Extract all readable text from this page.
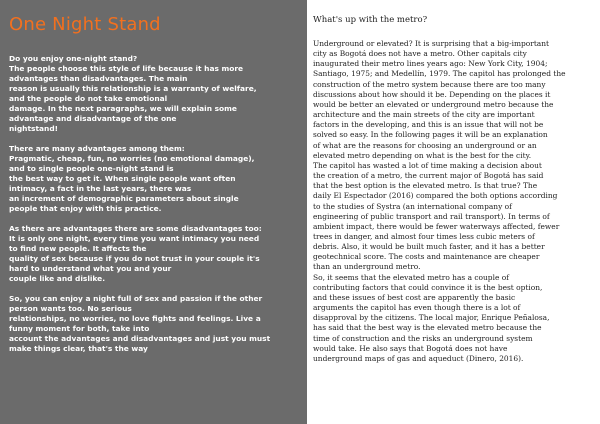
One Night Stand
Do you enjoy one-night stand?
The people choose this style of life because it has more
advantages than disadvantages. The main
reason is usually this relationship is a warranty of welfare,
and the people do not take emotional
damage. In the next paragraphs, we will explain some
advantage and disadvantage of the one
nightstand!
There are many advantages among them:
Pragmatic, cheap, fun, no worries (no emotional damage),
and to single people one-night stand is
the best way to get it. When single people want often
intimacy, a fact in the last years, there was
an increment of demographic parameters about single
people that enjoy with this practice.
As there are advantages there are some disadvantages too:
It is only one night, every time you want intimacy you need
to find new people. It affects the
quality of sex because if you do not trust in your couple it's
hard to understand what you and your
couple like and dislike.
So, you can enjoy a night full of sex and passion if the other
person wants too. No serious
relationships, no worries, no love fights and feelings. Live a
funny moment for both, take into
account the advantages and disadvantages and just you must
make things clear, that's the way
What's up with the metro?
Underground or elevated? It is surprising that a big-important
city as Bogotá does not have a metro. Other capitals city
inaugurated their metro lines years ago: New York City, 1904;
Santiago, 1975; and Medellín, 1979. The capitol has prolonged the
construction of the metro system because there are too many
discussions about how should it be. Depending on the places it
would be better an elevated or underground metro because the
architecture and the main streets of the city are important
factors in the developing, and this is an issue that will not be
solved so easy. In the following pages it will be an explanation
of what are the reasons for choosing an underground or an
elevated metro depending on what is the best for the city.
The capitol has wasted a lot of time making a decision about
the creation of a metro, the current major of Bogotá has said
that the best option is the elevated metro. Is that true? The
daily El Espectador (2016) compared the both options according
to the studies of Systra (an international company of
engineering of public transport and rail transport). In terms of
ambient impact, there would be fewer waterways affected, fewer
trees in danger, and almost four times less cubic meters of
debris. Also, it would be built much faster, and it has a better
geotechnical score. The costs and maintenance are cheaper
than an underground metro.
So, it seems that the elevated metro has a couple of
contributing factors that could convince it is the best option,
and these issues of best cost are apparently the basic
arguments the capitol has even though there is a lot of
disapproval by the citizens. The local major, Enrique Peñalosa,
has said that the best way is the elevated metro because the
time of construction and the risks an underground system
would take. He also says that Bogotá does not have
underground maps of gas and aqueduct (Dinero, 2016).
